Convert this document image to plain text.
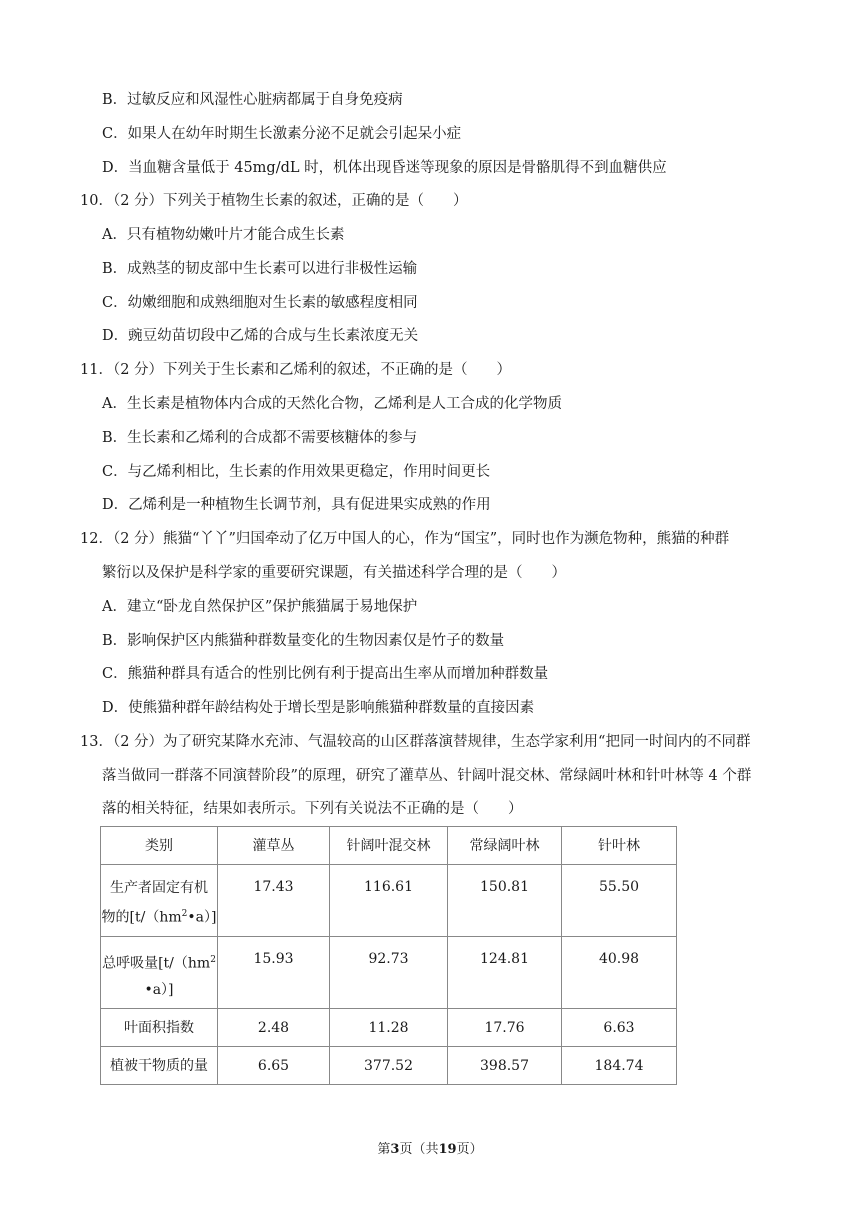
B．过敏反应和风湿性心脏病都属于自身免疫病
C．如果人在幼年时期生长激素分泌不足就会引起呆小症
D．当血糖含量低于 45mg/dL 时，机体出现昏迷等现象的原因是骨骼肌得不到血糖供应
10．（2 分）下列关于植物生长素的叙述，正确的是（　　）
A．只有植物幼嫩叶片才能合成生长素
B．成熟茎的韧皮部中生长素可以进行非极性运输
C．幼嫩细胞和成熟细胞对生长素的敏感程度相同
D．豌豆幼苗切段中乙烯的合成与生长素浓度无关
11．（2 分）下列关于生长素和乙烯利的叙述，不正确的是（　　）
A．生长素是植物体内合成的天然化合物，乙烯利是人工合成的化学物质
B．生长素和乙烯利的合成都不需要核糖体的参与
C．与乙烯利相比，生长素的作用效果更稳定，作用时间更长
D．乙烯利是一种植物生长调节剂，具有促进果实成熟的作用
12．（2 分）熊猫“丫丫”归国牵动了亿万中国人的心，作为“国宝”，同时也作为濒危物种，熊猫的种群
繁衍以及保护是科学家的重要研究课题，有关描述科学合理的是（　　）
A．建立“卧龙自然保护区”保护熊猫属于易地保护
B．影响保护区内熊猫种群数量变化的生物因素仅是竹子的数量
C．熊猫种群具有适合的性别比例有利于提高出生率从而增加种群数量
D．使熊猫种群年龄结构处于增长型是影响熊猫种群数量的直接因素
13．（2 分）为了研究某降水充沛、气温较高的山区群落演替规律，生态学家利用“把同一时间内的不同群
落当做同一群落不同演替阶段”的原理，研究了灌草丛、针阔叶混交林、常绿阔叶林和针叶林等 4 个群
落的相关特征，结果如表所示。下列有关说法不正确的是（　　）
类别	灌草丛	针阔叶混交林	常绿阔叶林	针叶林

生产者固定有机
物的$[t/(hm^2•a)]$	17.43	116.61	150.81	55.50

总呼吸量[$t/(hm^2$
•a）]	15.93	92.73	124.81	40.98

叶面积指数	2.48	11.28	17.76	6.63

植被干物质的量	6.65	377.52	398.57	184.74
第3页（共19页）
